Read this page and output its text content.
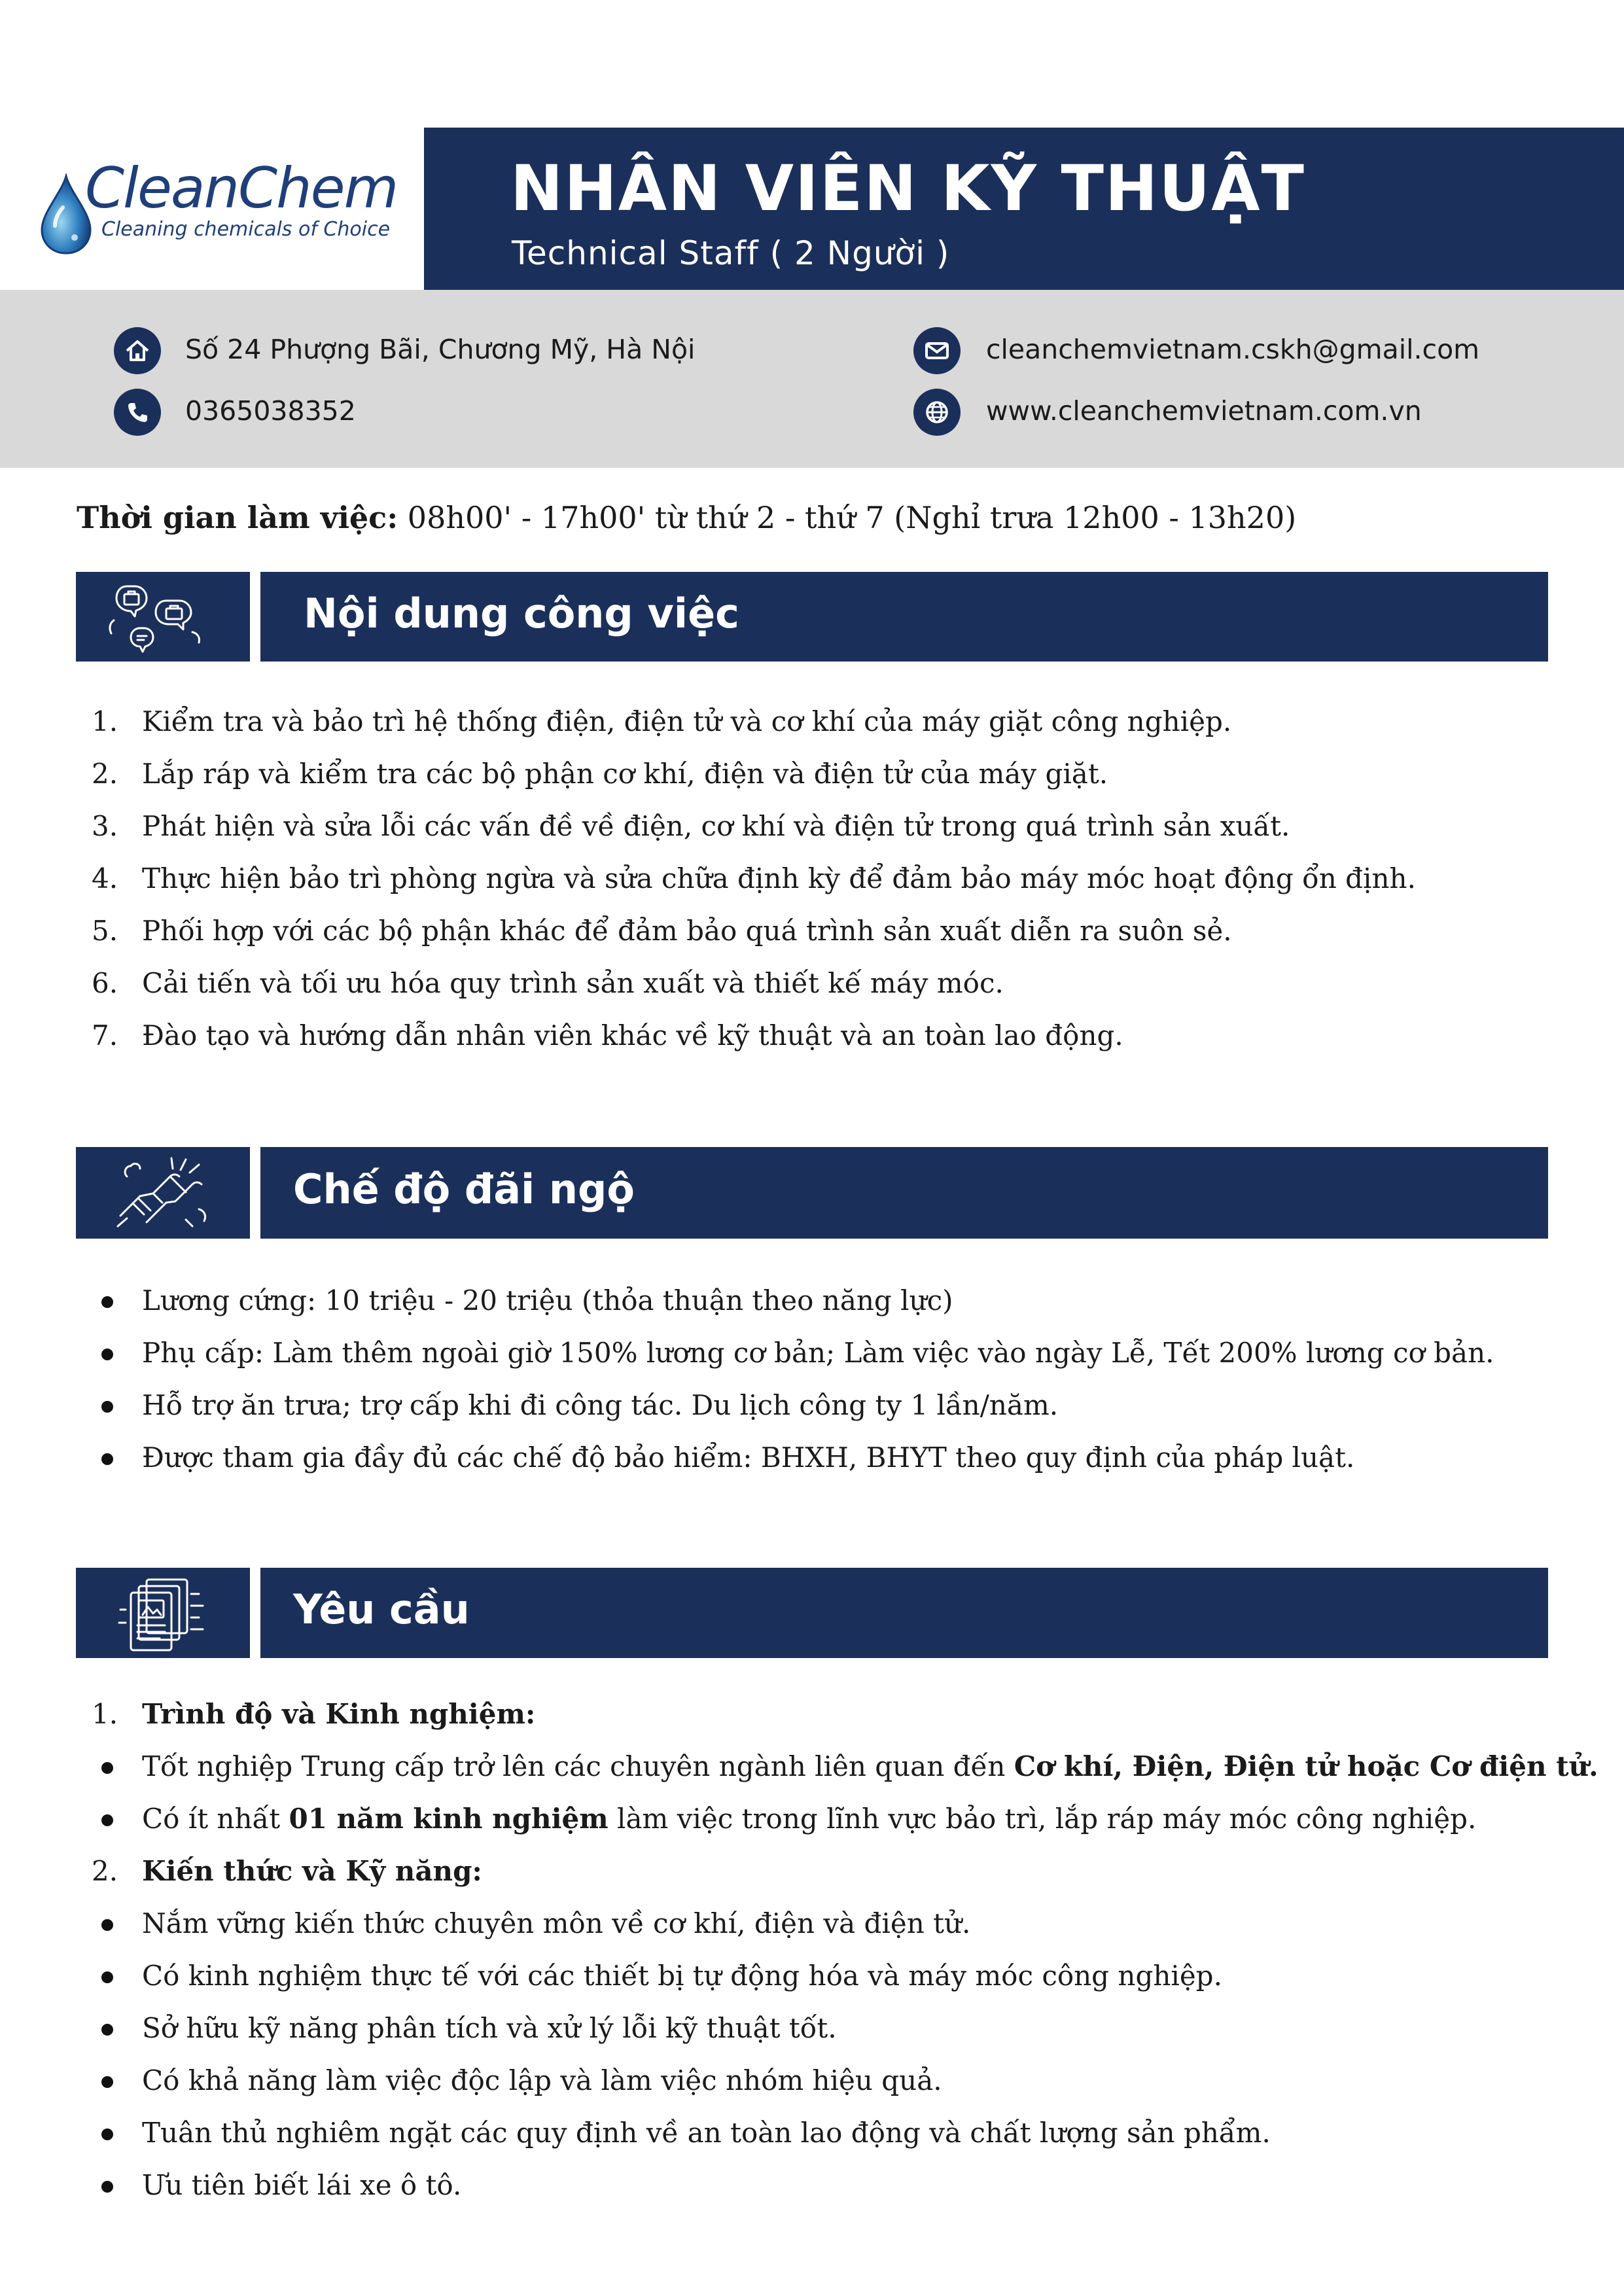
CleanChem
Cleaning chemicals of Choice
NHÂN VIÊN KỸ THUẬT
Technical Staff ( 2 Người )
Số 24 Phượng Bãi, Chương Mỹ, Hà Nội
0365038352
cleanchemvietnam.cskh@gmail.com
www.cleanchemvietnam.com.vn
Thời gian làm việc: 08h00' - 17h00' từ thứ 2 - thứ 7 (Nghỉ trưa 12h00 - 13h20)
Nội dung công việc
1. Kiểm tra và bảo trì hệ thống điện, điện tử và cơ khí của máy giặt công nghiệp.
2. Lắp ráp và kiểm tra các bộ phận cơ khí, điện và điện tử của máy giặt.
3. Phát hiện và sửa lỗi các vấn đề về điện, cơ khí và điện tử trong quá trình sản xuất.
4. Thực hiện bảo trì phòng ngừa và sửa chữa định kỳ để đảm bảo máy móc hoạt động ổn định.
5. Phối hợp với các bộ phận khác để đảm bảo quá trình sản xuất diễn ra suôn sẻ.
6. Cải tiến và tối ưu hóa quy trình sản xuất và thiết kế máy móc.
7. Đào tạo và hướng dẫn nhân viên khác về kỹ thuật và an toàn lao động.
Chế độ đãi ngộ
Lương cứng: 10 triệu - 20 triệu (thỏa thuận theo năng lực)
Phụ cấp: Làm thêm ngoài giờ 150% lương cơ bản; Làm việc vào ngày Lễ, Tết 200% lương cơ bản.
Hỗ trợ ăn trưa; trợ cấp khi đi công tác. Du lịch công ty 1 lần/năm.
Được tham gia đầy đủ các chế độ bảo hiểm: BHXH, BHYT theo quy định của pháp luật.
Yêu cầu
1. Trình độ và Kinh nghiệm:
Tốt nghiệp Trung cấp trở lên các chuyên ngành liên quan đến Cơ khí, Điện, Điện tử hoặc Cơ điện tử.
Có ít nhất 01 năm kinh nghiệm làm việc trong lĩnh vực bảo trì, lắp ráp máy móc công nghiệp.
2. Kiến thức và Kỹ năng:
Nắm vững kiến thức chuyên môn về cơ khí, điện và điện tử.
Có kinh nghiệm thực tế với các thiết bị tự động hóa và máy móc công nghiệp.
Sở hữu kỹ năng phân tích và xử lý lỗi kỹ thuật tốt.
Có khả năng làm việc độc lập và làm việc nhóm hiệu quả.
Tuân thủ nghiêm ngặt các quy định về an toàn lao động và chất lượng sản phẩm.
Ưu tiên biết lái xe ô tô.
